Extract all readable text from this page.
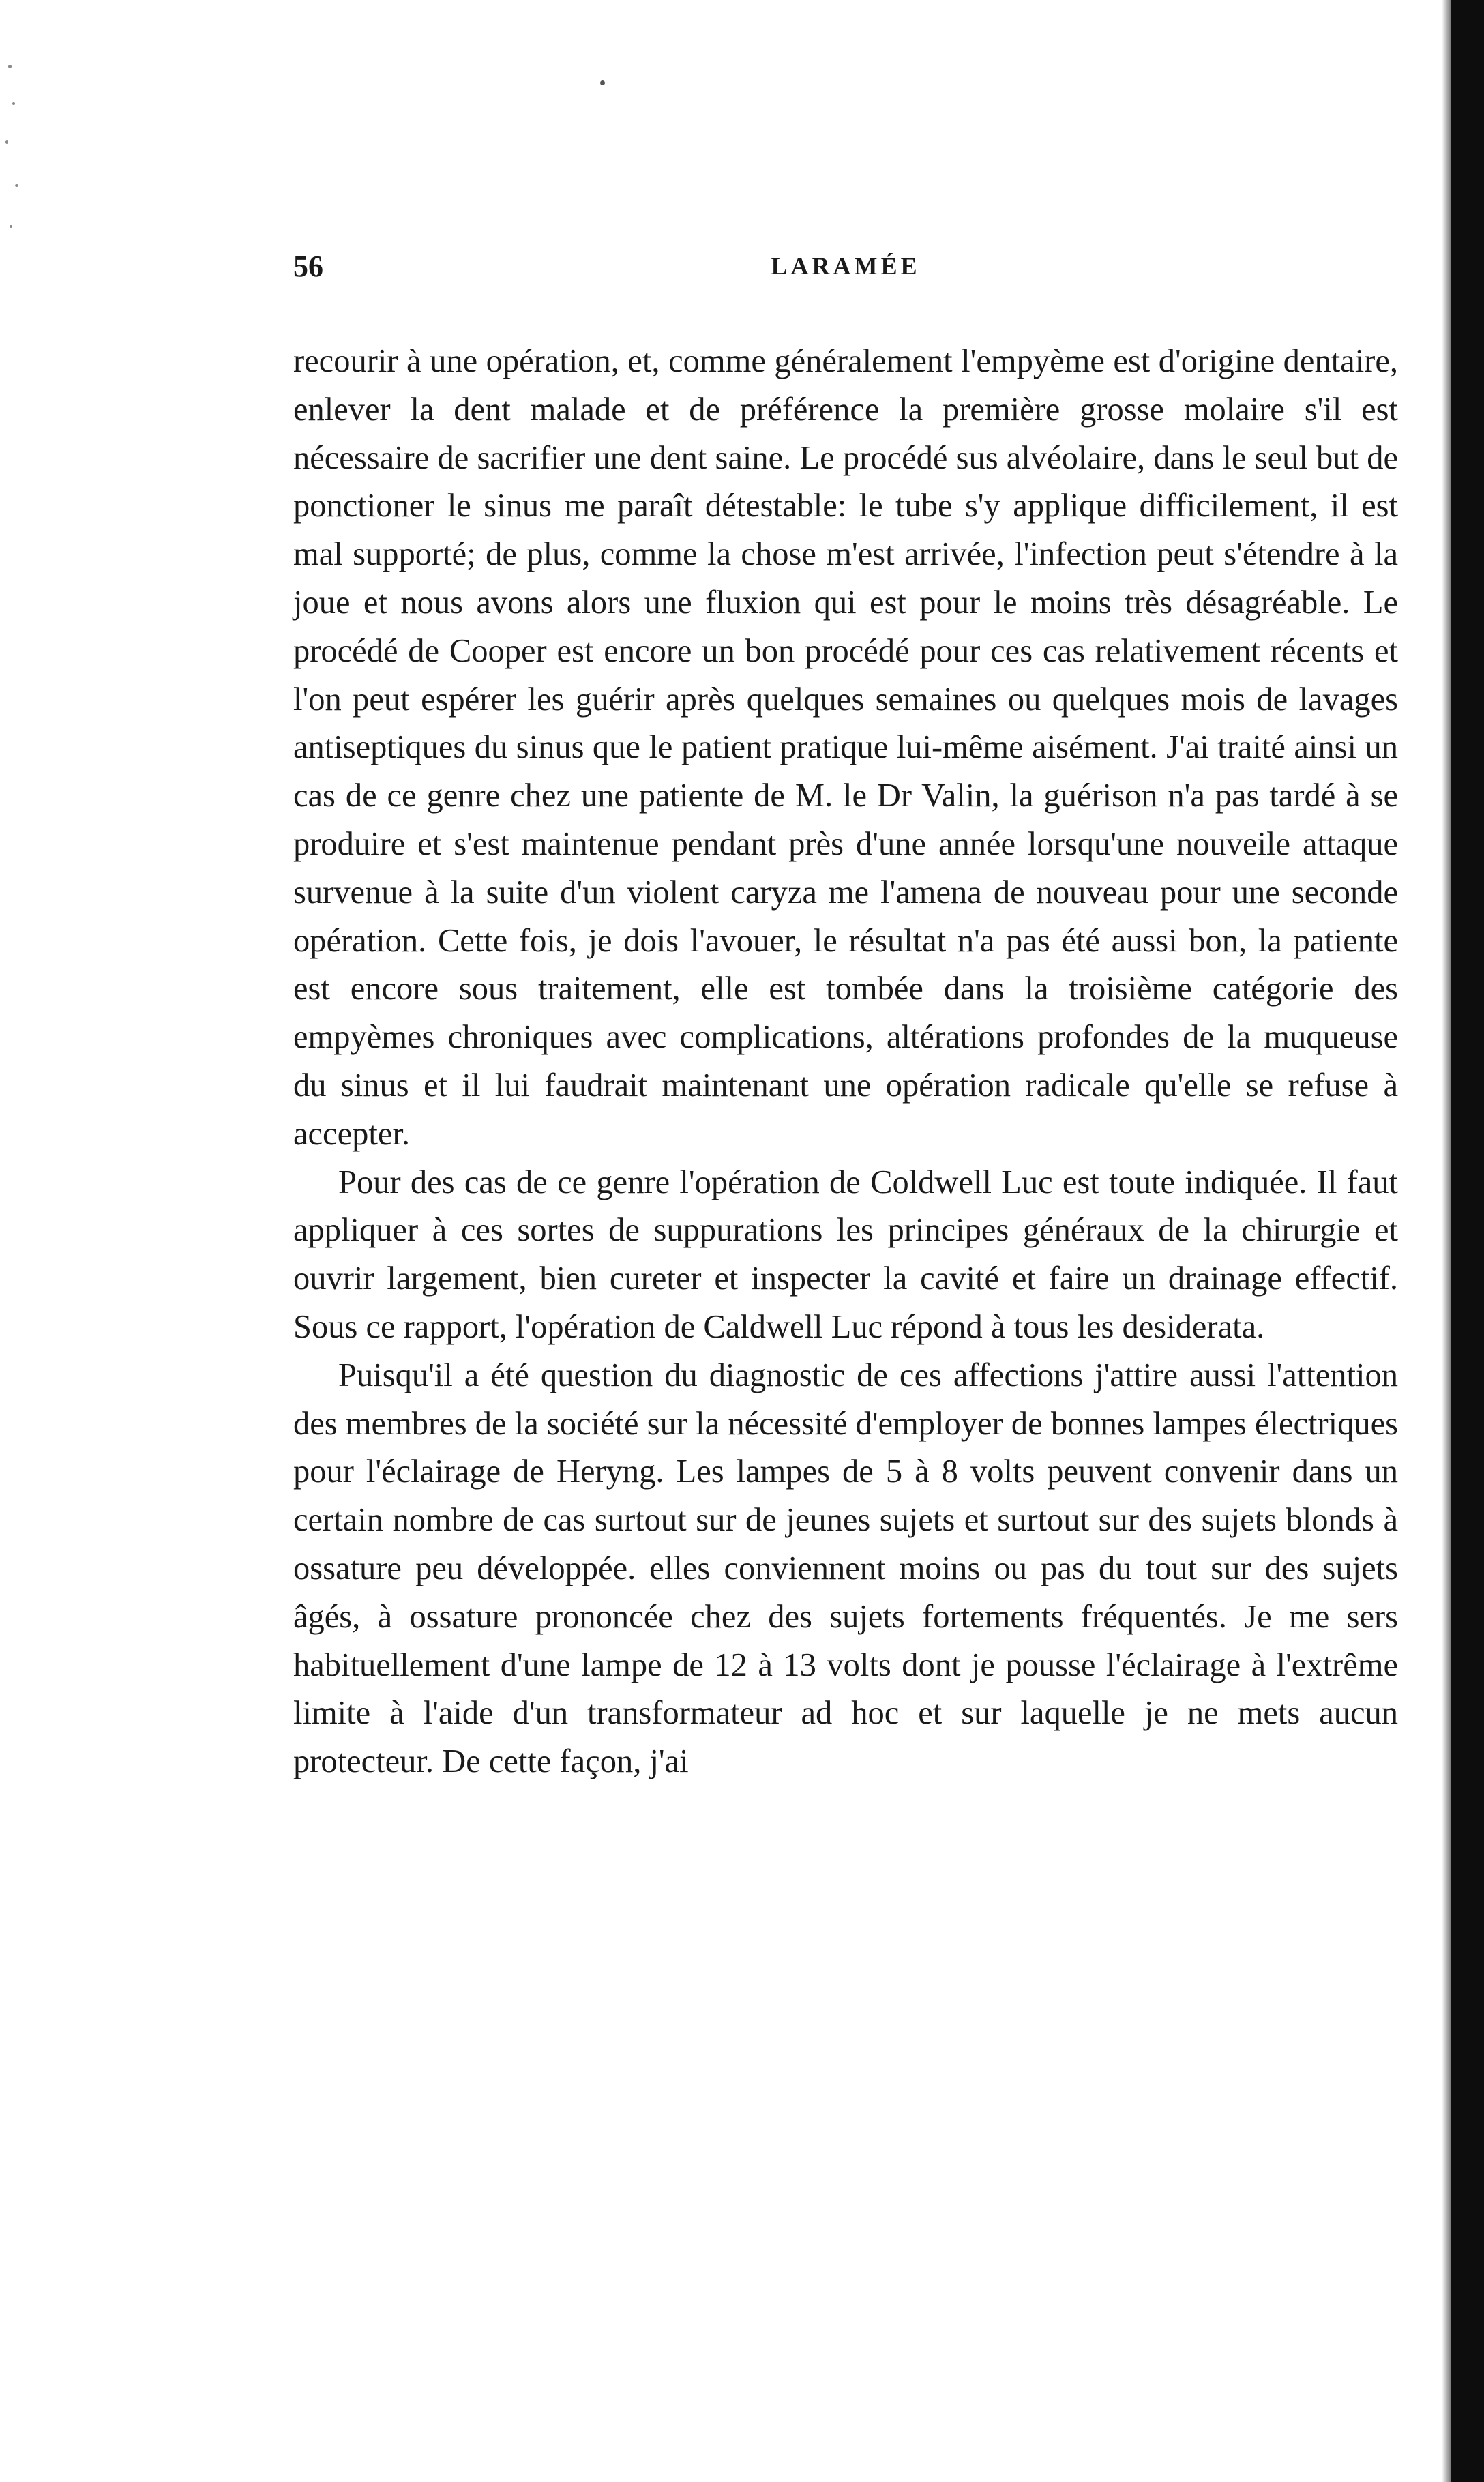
56	LARAMÉE

recourir à une opération, et, comme généralement l'empyème est d'origine dentaire, enlever la dent malade et de préférence la première grosse molaire s'il est nécessaire de sacrifier une dent saine. Le procédé sus alvéolaire, dans le seul but de ponctioner le sinus me paraît détestable: le tube s'y applique difficilement, il est mal supporté; de plus, comme la chose m'est arrivée, l'infection peut s'étendre à la joue et nous avons alors une fluxion qui est pour le moins très désagréable. Le procédé de Cooper est encore un bon procédé pour ces cas relativement récents et l'on peut espérer les guérir après quelques semaines ou quelques mois de lavages antiseptiques du sinus que le patient pratique lui-même aisément. J'ai traité ainsi un cas de ce genre chez une patiente de M. le Dr Valin, la guérison n'a pas tardé à se produire et s'est maintenue pendant près d'une année lorsqu'une nouveile attaque survenue à la suite d'un violent caryza me l'amena de nouveau pour une seconde opération. Cette fois, je dois l'avouer, le résultat n'a pas été aussi bon, la patiente est encore sous traitement, elle est tombée dans la troisième catégorie des empyèmes chroniques avec complications, altérations profondes de la muqueuse du sinus et il lui faudrait maintenant une opération radicale qu'elle se refuse à accepter.

Pour des cas de ce genre l'opération de Coldwell Luc est toute indiquée. Il faut appliquer à ces sortes de suppurations les principes généraux de la chirurgie et ouvrir largement, bien cureter et inspecter la cavité et faire un drainage effectif. Sous ce rapport, l'opération de Caldwell Luc répond à tous les desiderata.

Puisqu'il a été question du diagnostic de ces affections j'attire aussi l'attention des membres de la société sur la nécessité d'employer de bonnes lampes électriques pour l'éclairage de Heryng. Les lampes de 5 à 8 volts peuvent convenir dans un certain nombre de cas surtout sur de jeunes sujets et surtout sur des sujets blonds à ossature peu développée. elles conviennent moins ou pas du tout sur des sujets âgés, à ossature prononcée chez des sujets fortements fréquentés. Je me sers habituellement d'une lampe de 12 à 13 volts dont je pousse l'éclairage à l'extrême limite à l'aide d'un transformateur ad hoc et sur laquelle je ne mets aucun protecteur. De cette façon, j'ai
